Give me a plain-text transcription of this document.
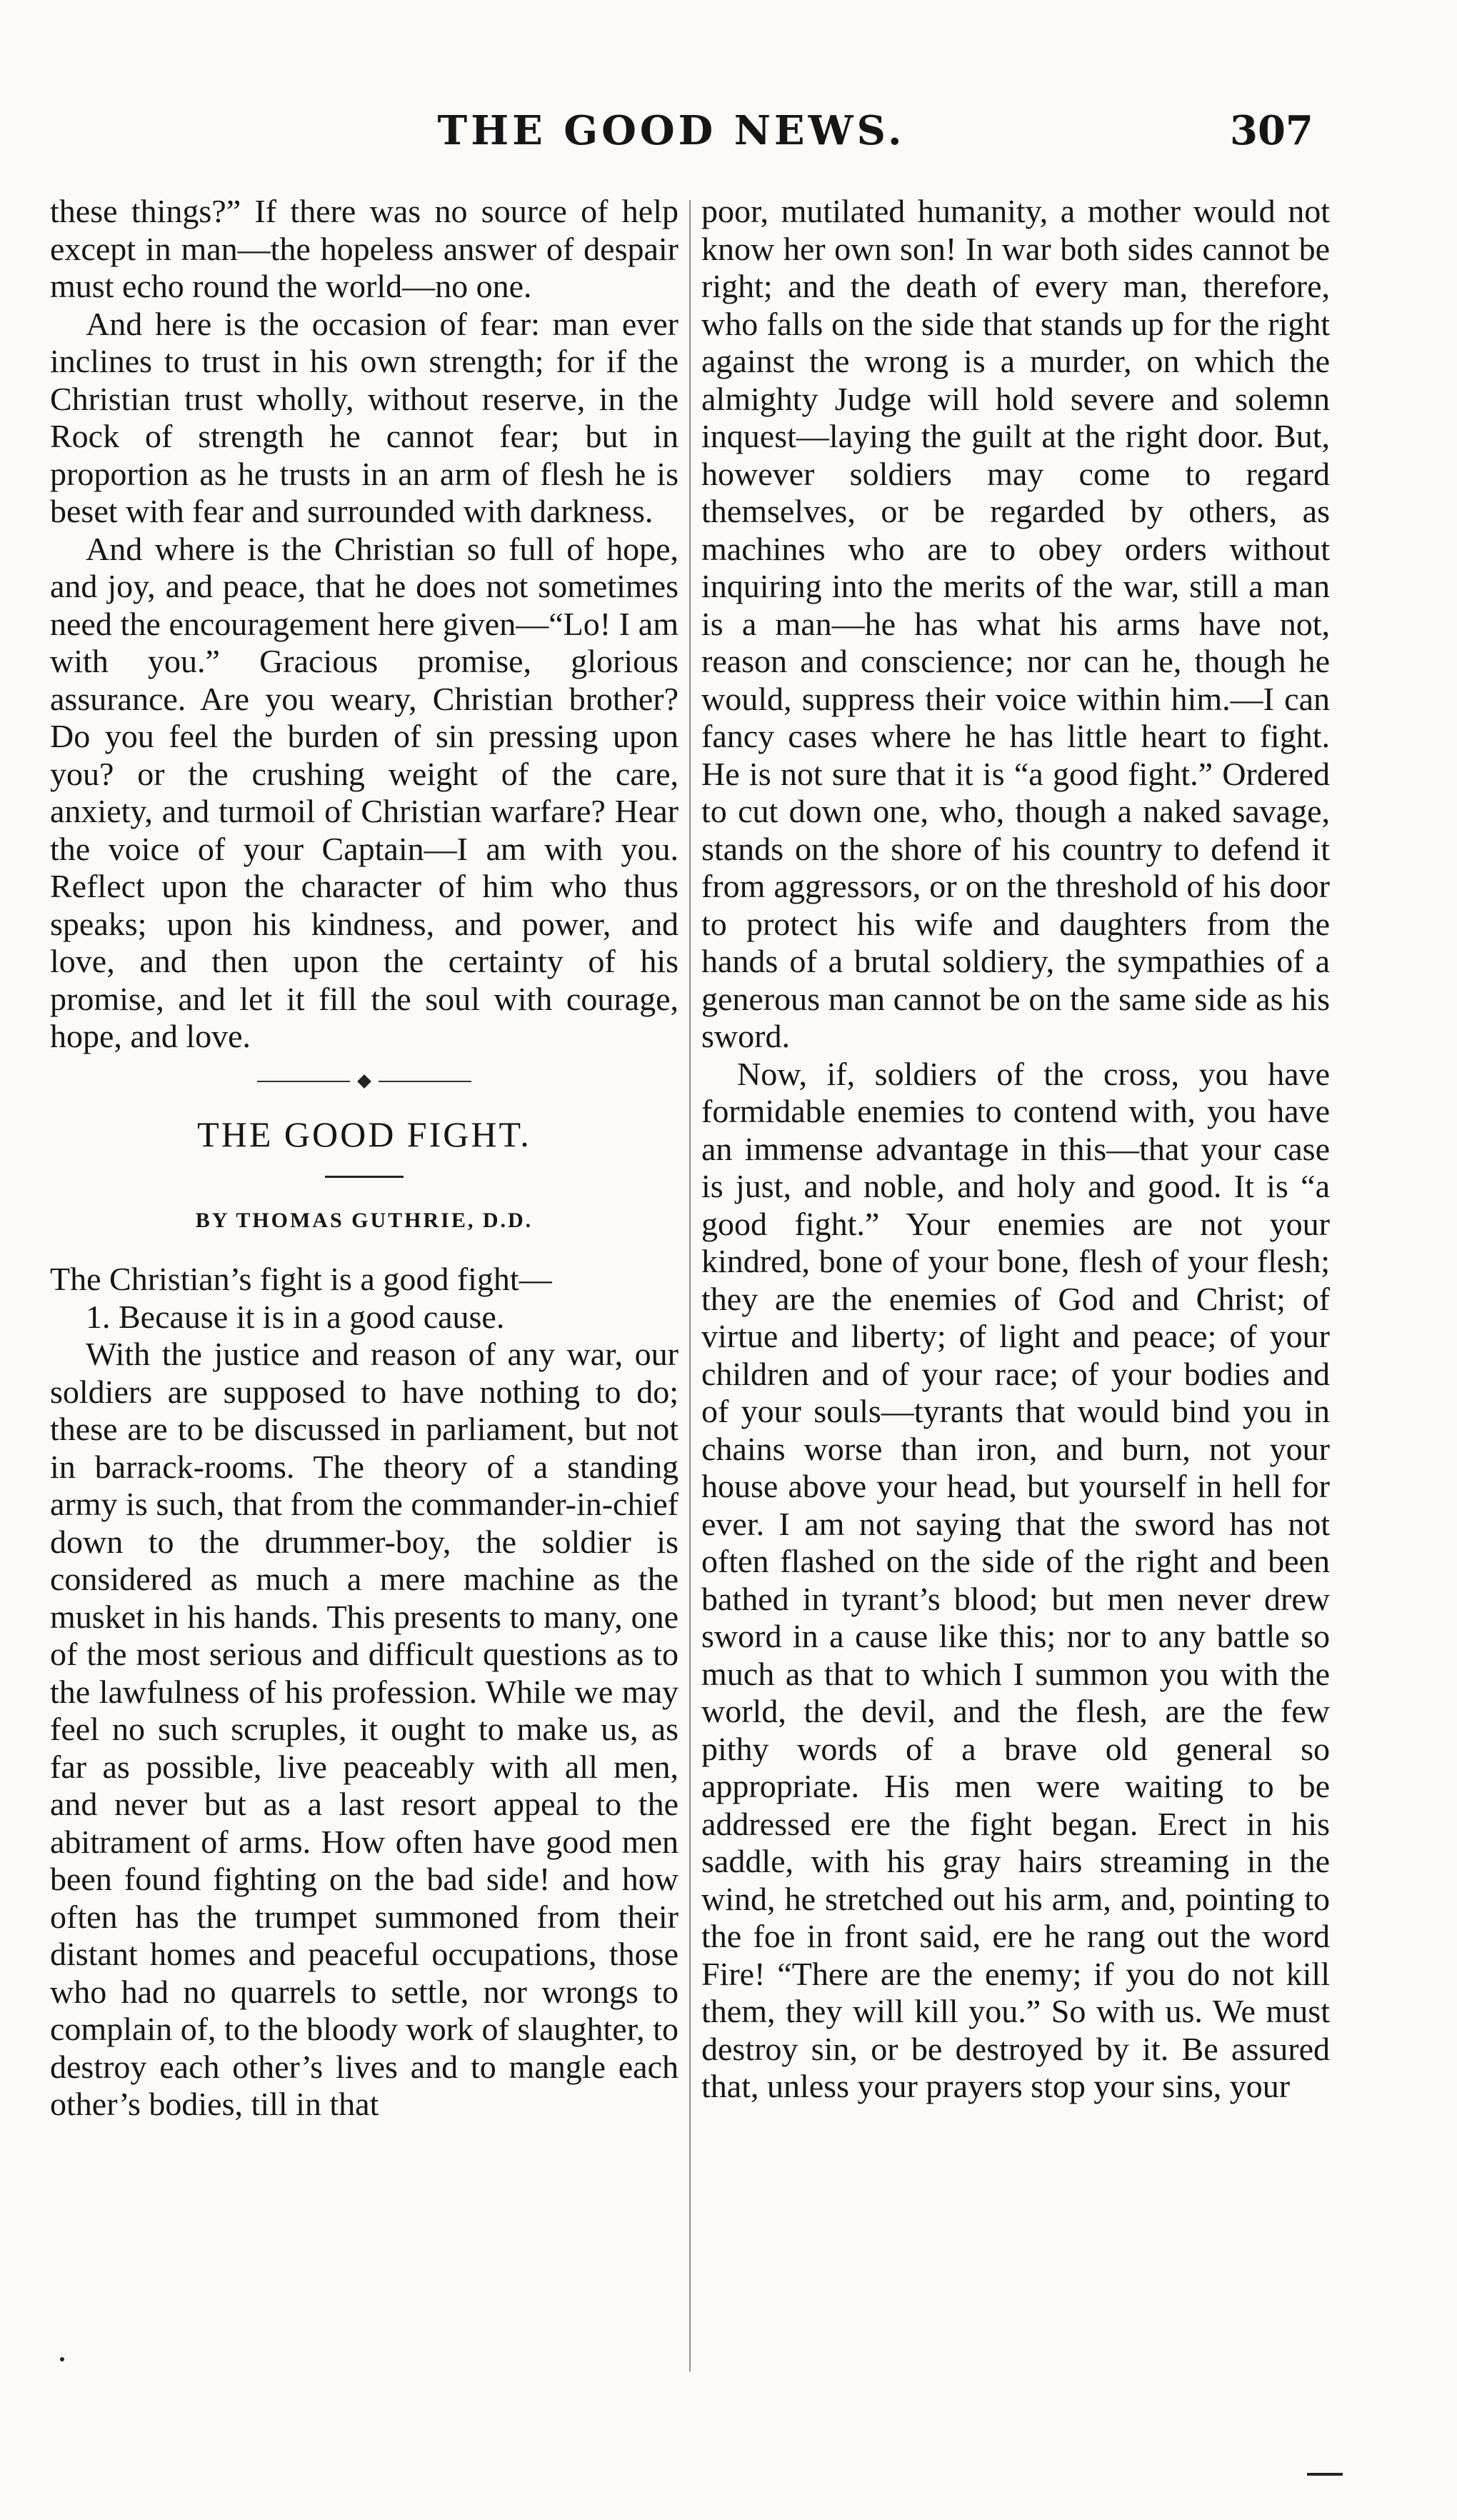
THE GOOD NEWS.	307

these things?” If there was no source of help except in man—the hopeless answer of despair must echo round the world—no one.

And here is the occasion of fear: man ever inclines to trust in his own strength; for if the Christian trust wholly, without reserve, in the Rock of strength he cannot fear; but in proportion as he trusts in an arm of flesh he is beset with fear and surrounded with darkness.

And where is the Christian so full of hope, and joy, and peace, that he does not sometimes need the encouragement here given—“Lo! I am with you.” Gracious promise, glorious assurance. Are you weary, Christian brother? Do you feel the burden of sin pressing upon you? or the crushing weight of the care, anxiety, and turmoil of Christian warfare? Hear the voice of your Captain—I am with you. Reflect upon the character of him who thus speaks; upon his kindness, and power, and love, and then upon the certainty of his promise, and let it fill the soul with courage, hope, and love.

THE GOOD FIGHT.
BY THOMAS GUTHRIE, D.D.

The Christian’s fight is a good fight—

1. Because it is in a good cause.

With the justice and reason of any war, our soldiers are supposed to have nothing to do; these are to be discussed in parliament, but not in barrack-rooms. The theory of a standing army is such, that from the commander-in-chief down to the drummer-boy, the soldier is considered as much a mere machine as the musket in his hands. This presents to many, one of the most serious and difficult questions as to the lawfulness of his profession. While we may feel no such scruples, it ought to make us, as far as possible, live peaceably with all men, and never but as a last resort appeal to the abitrament of arms. How often have good men been found fighting on the bad side! and how often has the trumpet summoned from their distant homes and peaceful occupations, those who had no quarrels to settle, nor wrongs to complain of, to the bloody work of slaughter, to destroy each other’s lives and to mangle each other’s bodies, till in that

poor, mutilated humanity, a mother would not know her own son! In war both sides cannot be right; and the death of every man, therefore, who falls on the side that stands up for the right against the wrong is a murder, on which the almighty Judge will hold severe and solemn inquest—laying the guilt at the right door. But, however soldiers may come to regard themselves, or be regarded by others, as machines who are to obey orders without inquiring into the merits of the war, still a man is a man—he has what his arms have not, reason and conscience; nor can he, though he would, suppress their voice within him.—I can fancy cases where he has little heart to fight. He is not sure that it is “a good fight.” Ordered to cut down one, who, though a naked savage, stands on the shore of his country to defend it from aggressors, or on the threshold of his door to protect his wife and daughters from the hands of a brutal soldiery, the sympathies of a generous man cannot be on the same side as his sword.

Now, if, soldiers of the cross, you have formidable enemies to contend with, you have an immense advantage in this—that your case is just, and noble, and holy and good. It is “a good fight.” Your enemies are not your kindred, bone of your bone, flesh of your flesh; they are the enemies of God and Christ; of virtue and liberty; of light and peace; of your children and of your race; of your bodies and of your souls—tyrants that would bind you in chains worse than iron, and burn, not your house above your head, but yourself in hell for ever. I am not saying that the sword has not often flashed on the side of the right and been bathed in tyrant’s blood; but men never drew sword in a cause like this; nor to any battle so much as that to which I summon you with the world, the devil, and the flesh, are the few pithy words of a brave old general so appropriate. His men were waiting to be addressed ere the fight began. Erect in his saddle, with his gray hairs streaming in the wind, he stretched out his arm, and, pointing to the foe in front said, ere he rang out the word Fire! “There are the enemy; if you do not kill them, they will kill you.” So with us. We must destroy sin, or be destroyed by it. Be assured that, unless your prayers stop your sins, your
